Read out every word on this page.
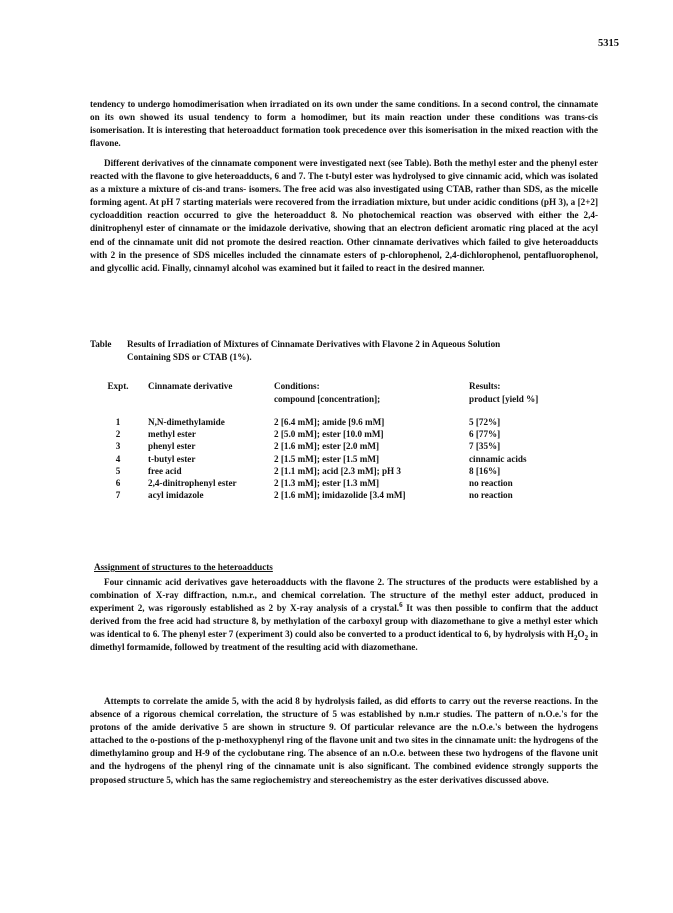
5315

tendency to undergo homodimerisation when irradiated on its own under the same conditions. In a second control, the cinnamate on its own showed its usual tendency to form a homodimer, but its main reaction under these conditions was trans-cis isomerisation. It is interesting that heteroadduct formation took precedence over this isomerisation in the mixed reaction with the flavone.

Different derivatives of the cinnamate component were investigated next (see Table). Both the methyl ester and the phenyl ester reacted with the flavone to give heteroadducts, 6 and 7. The t-butyl ester was hydrolysed to give cinnamic acid, which was isolated as a mixture a mixture of cis-and trans- isomers. The free acid was also investigated using CTAB, rather than SDS, as the micelle forming agent. At pH 7 starting materials were recovered from the irradiation mixture, but under acidic conditions (pH 3), a [2+2] cycloaddition reaction occurred to give the heteroadduct 8. No photochemical reaction was observed with either the 2,4-dinitrophenyl ester of cinnamate or the imidazole derivative, showing that an electron deficient aromatic ring placed at the acyl end of the cinnamate unit did not promote the desired reaction. Other cinnamate derivatives which failed to give heteroadducts with 2 in the presence of SDS micelles included the cinnamate esters of p-chlorophenol, 2,4-dichlorophenol, pentafluorophenol, and glycollic acid. Finally, cinnamyl alcohol was examined but it failed to react in the desired manner.

Table Results of Irradiation of Mixtures of Cinnamate Derivatives with Flavone 2 in Aqueous Solution
Containing SDS or CTAB (1%).
Expt.	Cinnamate derivative	Conditions:	Results:
		compound [concentration];	product [yield %]

1	N,N-dimethylamide	2 [6.4 mM]; amide [9.6 mM]	5 [72%]
2	methyl ester	2 [5.0 mM]; ester [10.0 mM]	6 [77%]
3	phenyl ester	2 [1.6 mM]; ester [2.0 mM]	7 [35%]
4	t-butyl ester	2 [1.5 mM]; ester [1.5 mM]	cinnamic acids
5	free acid	2 [1.1 mM]; acid [2.3 mM]; pH 3	8 [16%]
6	2,4-dinitrophenyl ester	2 [1.3 mM]; ester [1.3 mM]	no reaction
7	acyl imidazole	2 [1.6 mM]; imidazolide [3.4 mM]	no reaction
Assignment of structures to the heteroadducts

Four cinnamic acid derivatives gave heteroadducts with the flavone 2. The structures of the products were established by a combination of X-ray diffraction, n.m.r., and chemical correlation. The structure of the methyl ester adduct, produced in experiment 2, was rigorously established as 2 by X-ray analysis of a crystal.$^6$ It was then possible to confirm that the adduct derived from the free acid had structure 8, by methylation of the carboxyl group with diazomethane to give a methyl ester which was identical to 6. The phenyl ester 7 (experiment 3) could also be converted to a product identical to 6, by hydrolysis with $H_2O_2$ in dimethyl formamide, followed by treatment of the resulting acid with diazomethane.

Attempts to correlate the amide 5, with the acid 8 by hydrolysis failed, as did efforts to carry out the reverse reactions. In the absence of a rigorous chemical correlation, the structure of 5 was established by n.m.r studies. The pattern of n.O.e.'s for the protons of the amide derivative 5 are shown in structure 9. Of particular relevance are the n.O.e.'s between the hydrogens attached to the o-postions of the p-methoxyphenyl ring of the flavone unit and two sites in the cinnamate unit: the hydrogens of the dimethylamino group and H-9 of the cyclobutane ring. The absence of an n.O.e. between these two hydrogens of the flavone unit and the hydrogens of the phenyl ring of the cinnamate unit is also significant. The combined evidence strongly supports the proposed structure 5, which has the same regiochemistry and stereochemistry as the ester derivatives discussed above.
